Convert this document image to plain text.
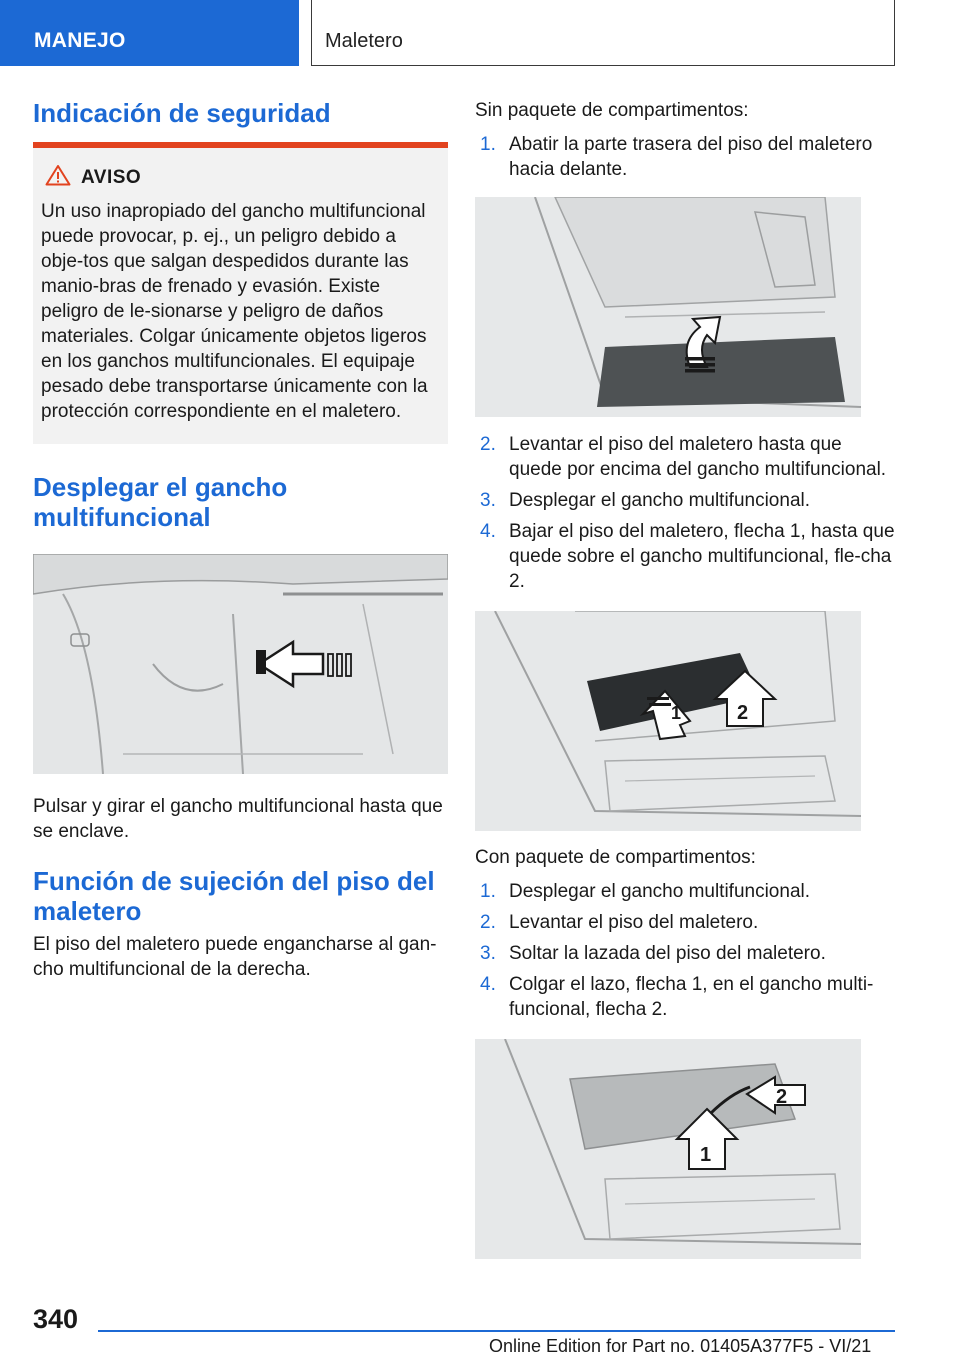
MANEJO	Maletero
Indicación de seguridad
AVISO

Un uso inapropiado del gancho multifuncional puede provocar, p. ej., un peligro debido a obje-tos que salgan despedidos durante las manio-bras de frenado y evasión. Existe peligro de le-sionarse y peligro de daños materiales. Colgar únicamente objetos ligeros en los ganchos multifuncionales. El equipaje pesado debe transportarse únicamente con la protección correspondiente en el maletero.

Desplegar el gancho multifuncional

Pulsar y girar el gancho multifuncional hasta que se enclave.

Función de sujeción del piso del maletero

El piso del maletero puede engancharse al gan-cho multifuncional de la derecha.

Sin paquete de compartimentos:

1. Abatir la parte trasera del piso del maletero hacia delante.
2. Levantar el piso del maletero hasta que quede por encima del gancho multifuncional.
3. Desplegar el gancho multifuncional.
4. Bajar el piso del maletero, flecha 1, hasta que quede sobre el gancho multifuncional, fle-cha 2.
1	2

Con paquete de compartimentos:

1. Desplegar el gancho multifuncional.
2. Levantar el piso del maletero.
3. Soltar la lazada del piso del maletero.
4. Colgar el lazo, flecha 1, en el gancho multi-funcional, flecha 2.
1
2
340
Online Edition for Part no. 01405A377F5 - VI/21
